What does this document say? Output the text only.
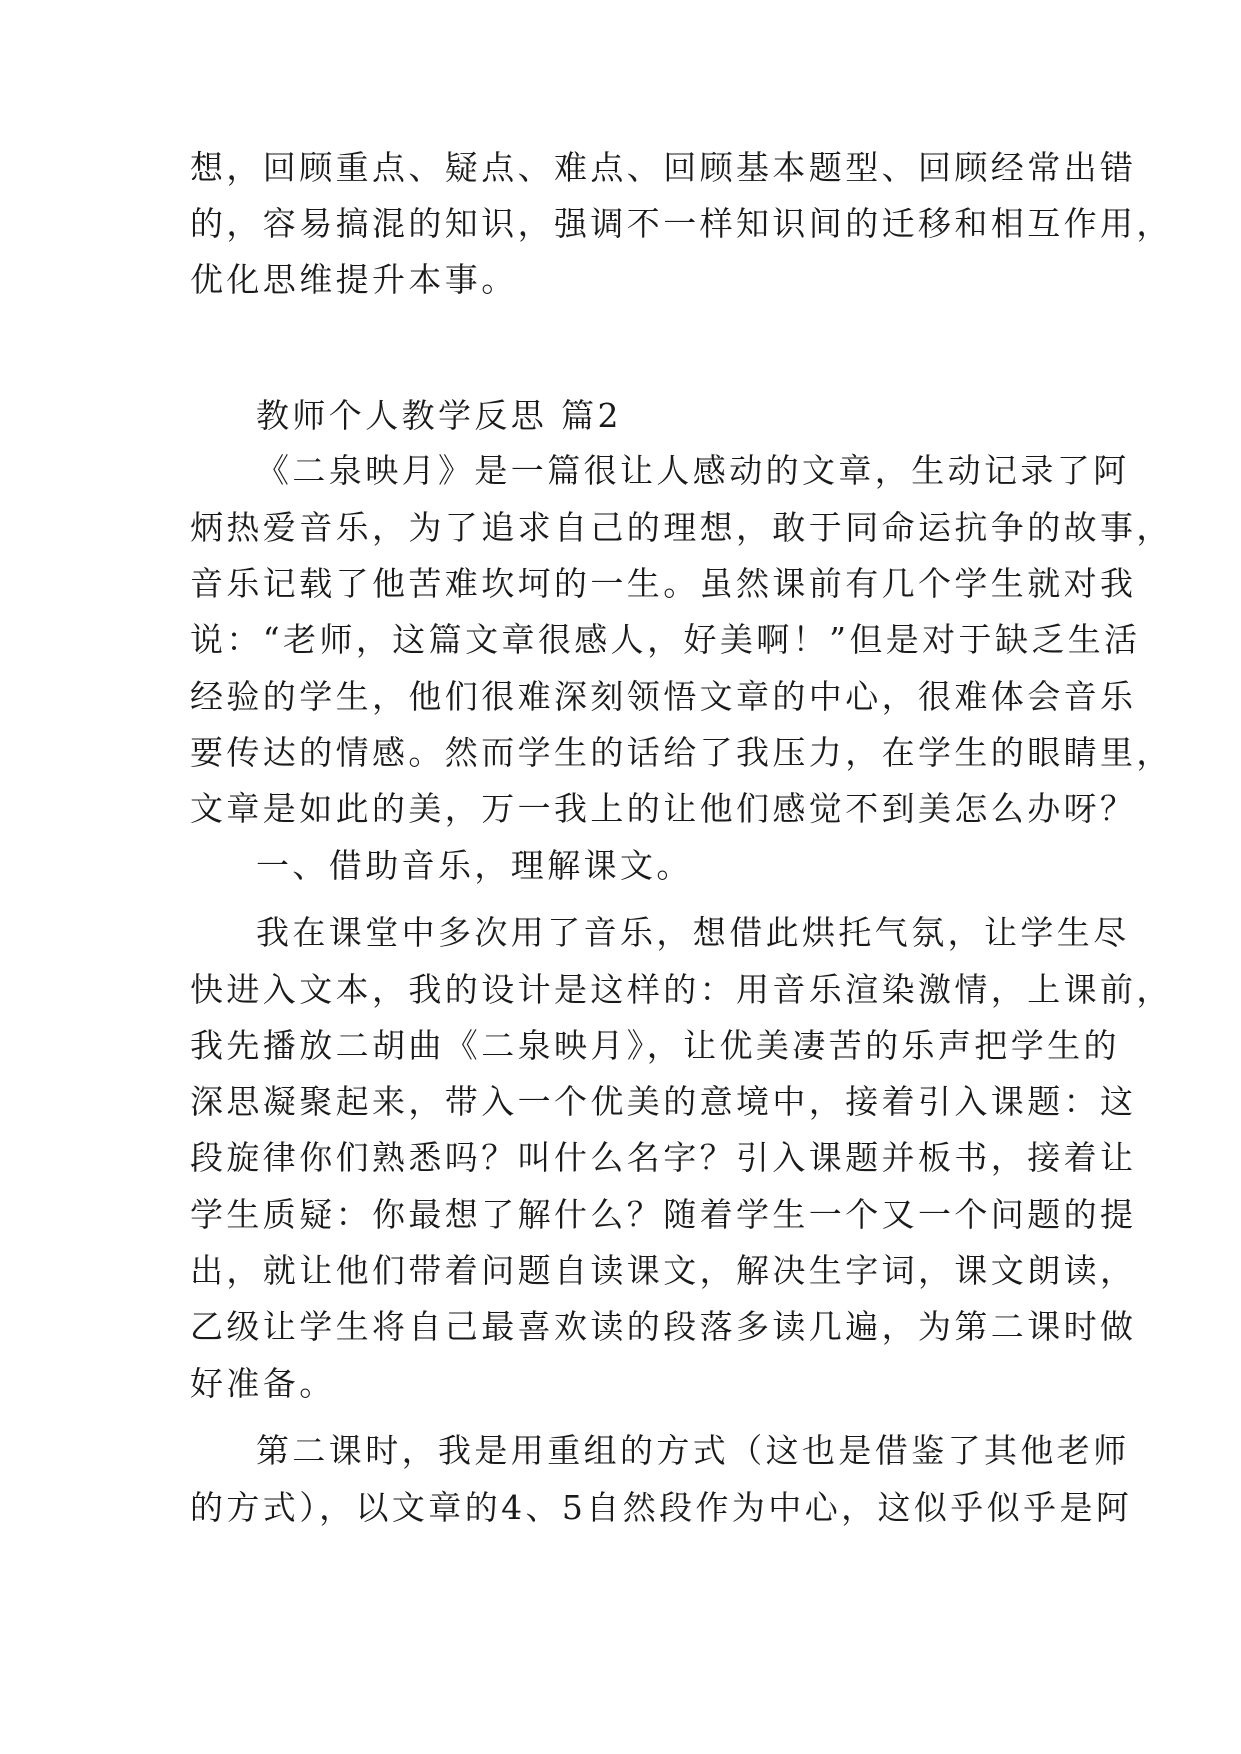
想，回顾重点、疑点、难点、回顾基本题型、回顾经常出错
的，容易搞混的知识，强调不一样知识间的迁移和相互作用，
优化思维提升本事。
教师个人教学反思 篇2
《二泉映月》是一篇很让人感动的文章，生动记录了阿
炳热爱音乐，为了追求自己的理想，敢于同命运抗争的故事，
音乐记载了他苦难坎坷的一生。虽然课前有几个学生就对我
说：“老师，这篇文章很感人，好美啊！”但是对于缺乏生活
经验的学生，他们很难深刻领悟文章的中心，很难体会音乐
要传达的情感。然而学生的话给了我压力，在学生的眼睛里，
文章是如此的美，万一我上的让他们感觉不到美怎么办呀？
一、借助音乐，理解课文。
我在课堂中多次用了音乐，想借此烘托气氛，让学生尽
快进入文本，我的设计是这样的：用音乐渲染激情，上课前，
我先播放二胡曲《二泉映月》，让优美凄苦的乐声把学生的
深思凝聚起来，带入一个优美的意境中，接着引入课题：这
段旋律你们熟悉吗？叫什么名字？引入课题并板书，接着让
学生质疑：你最想了解什么？随着学生一个又一个问题的提
出，就让他们带着问题自读课文，解决生字词，课文朗读，
乙级让学生将自己最喜欢读的段落多读几遍，为第二课时做
好准备。
第二课时，我是用重组的方式（这也是借鉴了其他老师
的方式），以文章的4、5自然段作为中心，这似乎似乎是阿
